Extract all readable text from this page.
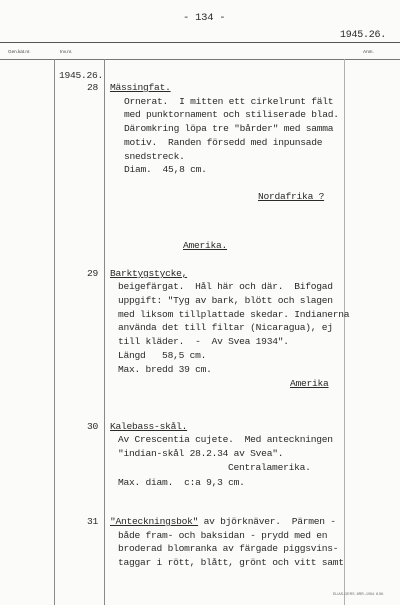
- 134 -
1945.26.
Gen.kat.nr.	Inv.nr.	Anm.
1945.26.
28 Mässingfat.
Ornerat.  I mitten ett cirkelrunt fält
med punktornament och stiliserade blad.
Däromkring löpa tre "bårder" med samma
motiv.  Randen försedd med inpunsade
snedstreck.
Diam.  45,8 cm.
Nordafrika ?
Amerika.
29 Barktygstycke,
beigefärgat.  Hål här och där.  Bifogad
uppgift: "Tyg av bark, blött och slagen
med liksom tillplattade skedar. Indianerna
använda det till filtar (Nicaragua), ej
till kläder.  -  Av Svea 1934".
Längd   58,5 cm.
Max. bredd 39 cm.
Amerika
30 Kalebass-skål.
Av Crescentia cujete.  Med anteckningen
"indian-skål 28.2.34 av Svea".
Centralamerika.
Max. diam.  c:a 9,3 cm.
31 "Anteckningsbok" av björknäver.  Pärmen -
både fram- och baksidan - prydd med en
broderad blomranka av färgade piggsvins-
taggar i rött, blått, grönt och vitt samt
ELIAS-GERS. 8RR.-1954. 8.5K.
